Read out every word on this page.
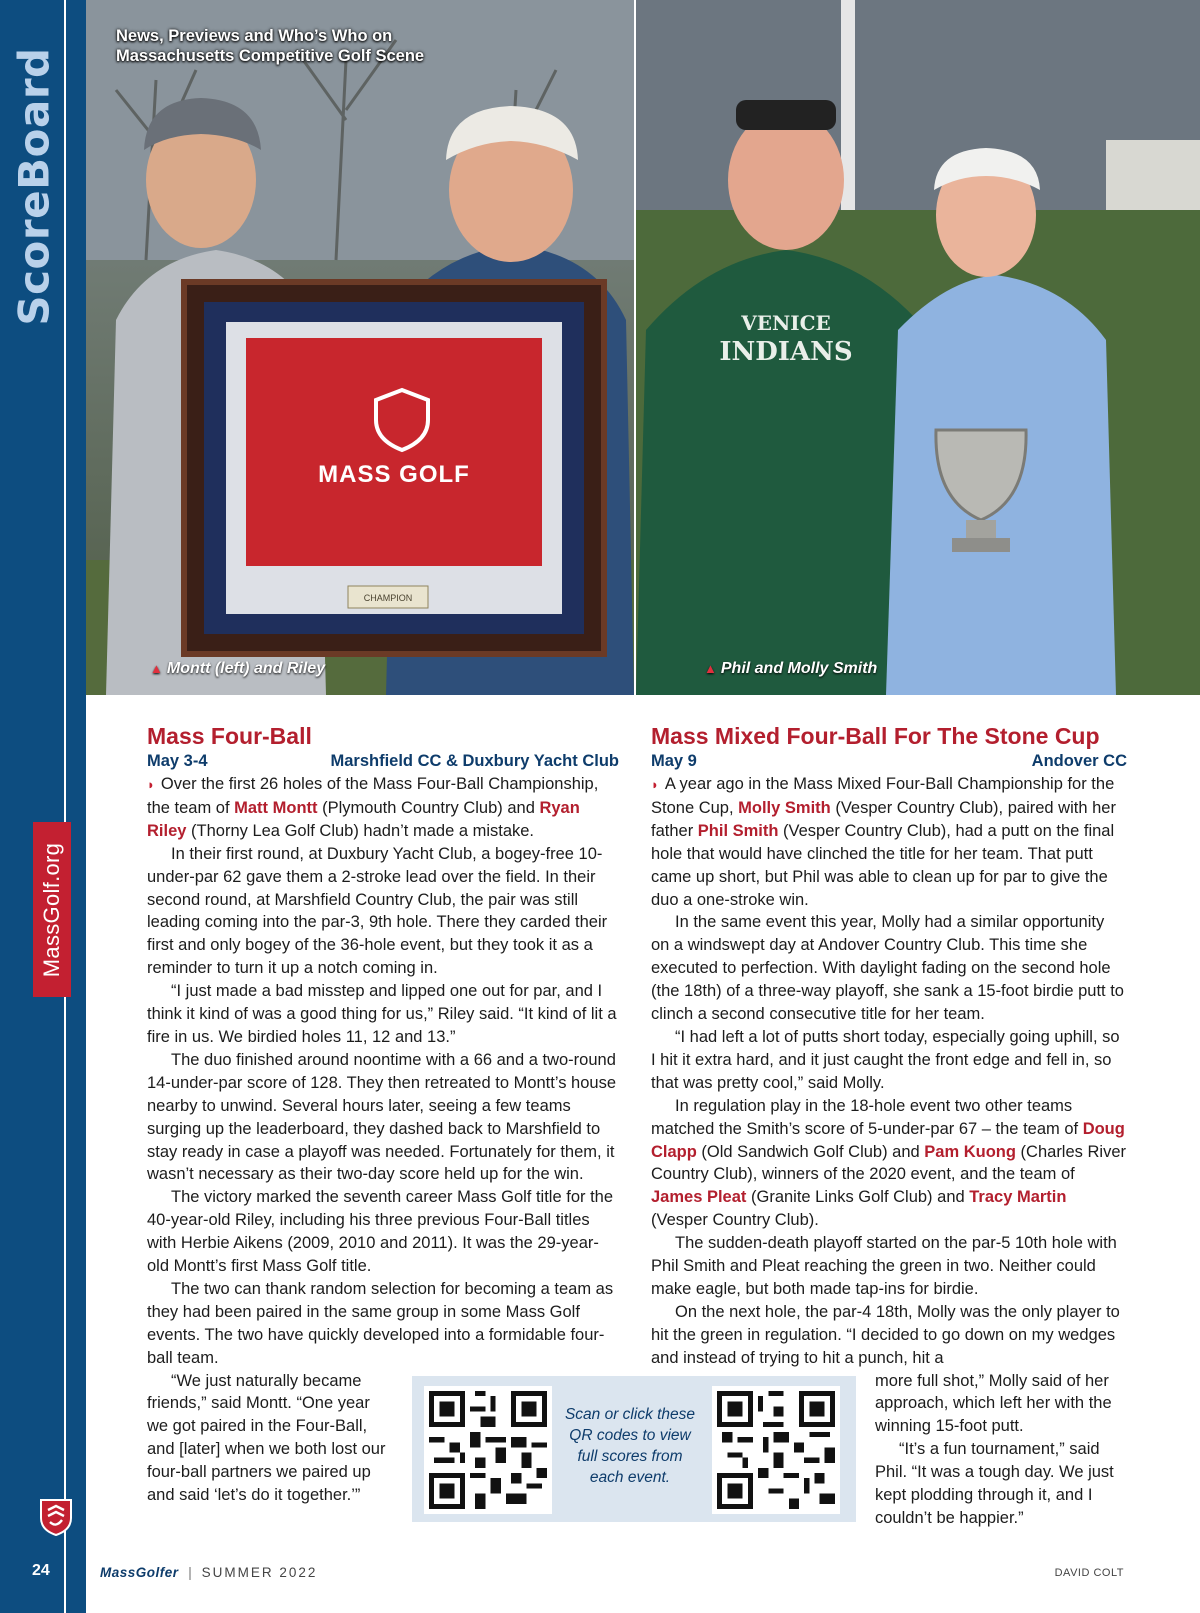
ScoreBoard
MassGolf.org
24
MASS GOLF
CHAMPION
VENICE
INDIANS
News, Previews and Who’s Who on
Massachusetts Competitive Golf Scene
▲ Montt (left) and Riley	▲ Phil and Molly Smith
Mass Four-Ball
May 3-4	Marshfield CC & Duxbury Yacht Club

◗ Over the first 26 holes of the Mass Four-Ball Championship, the team of Matt Montt (Plymouth Country Club) and Ryan Riley (Thorny Lea Golf Club) hadn’t made a mistake.

In their first round, at Duxbury Yacht Club, a bogey-free 10-under-par 62 gave them a 2-stroke lead over the field. In their second round, at Marshfield Country Club, the pair was still leading coming into the par-3, 9th hole. There they carded their first and only bogey of the 36-hole event, but they took it as a reminder to turn it up a notch coming in.

“I just made a bad misstep and lipped one out for par, and I think it kind of was a good thing for us,” Riley said. “It kind of lit a fire in us. We birdied holes 11, 12 and 13.”

The duo finished around noontime with a 66 and a two-round 14-under-par score of 128. They then retreated to Montt’s house nearby to unwind. Several hours later, seeing a few teams surging up the leaderboard, they dashed back to Marshfield to stay ready in case a playoff was needed. Fortunately for them, it wasn’t necessary as their two-day score held up for the win.

The victory marked the seventh career Mass Golf title for the 40-year-old Riley, including his three previous Four-Ball titles with Herbie Aikens (2009, 2010 and 2011). It was the 29-year-old Montt’s first Mass Golf title.

The two can thank random selection for becoming a team as they had been paired in the same group in some Mass Golf events. The two have quickly developed into a formidable four-ball team.

“We just naturally became friends,” said Montt. “One year we got paired in the Four-Ball, and [later] when we both lost our four-ball partners we paired up and said ‘let’s do it together.’”

Mass Mixed Four-Ball For The Stone Cup
May 9	Andover CC

◗ A year ago in the Mass Mixed Four-Ball Championship for the Stone Cup, Molly Smith (Vesper Country Club), paired with her father Phil Smith (Vesper Country Club), had a putt on the final hole that would have clinched the title for her team. That putt came up short, but Phil was able to clean up for par to give the duo a one-stroke win.

In the same event this year, Molly had a similar opportunity on a windswept day at Andover Country Club. This time she executed to perfection. With daylight fading on the second hole (the 18th) of a three-way playoff, she sank a 15-foot birdie putt to clinch a second consecutive title for her team.

“I had left a lot of putts short today, especially going uphill, so I hit it extra hard, and it just caught the front edge and fell in, so that was pretty cool,” said Molly.

In regulation play in the 18-hole event two other teams matched the Smith’s score of 5-under-par 67 – the team of Doug Clapp (Old Sandwich Golf Club) and Pam Kuong (Charles River Country Club), winners of the 2020 event, and the team of James Pleat (Granite Links Golf Club) and Tracy Martin (Vesper Country Club).

The sudden-death playoff started on the par-5 10th hole with Phil Smith and Pleat reaching the green in two. Neither could make eagle, but both made tap-ins for birdie.

On the next hole, the par-4 18th, Molly was the only player to hit the green in regulation. “I decided to go down on my wedges and instead of trying to hit a punch, hit a

more full shot,” Molly said of her approach, which left her with the winning 15-foot putt.

“It’s a fun tournament,” said Phil. “It was a tough day. We just kept plodding through it, and I couldn’t be happier.”

Scan or click these QR codes to view full scores from each event.
MassGolfer | SUMMER 2022	DAVID COLT
